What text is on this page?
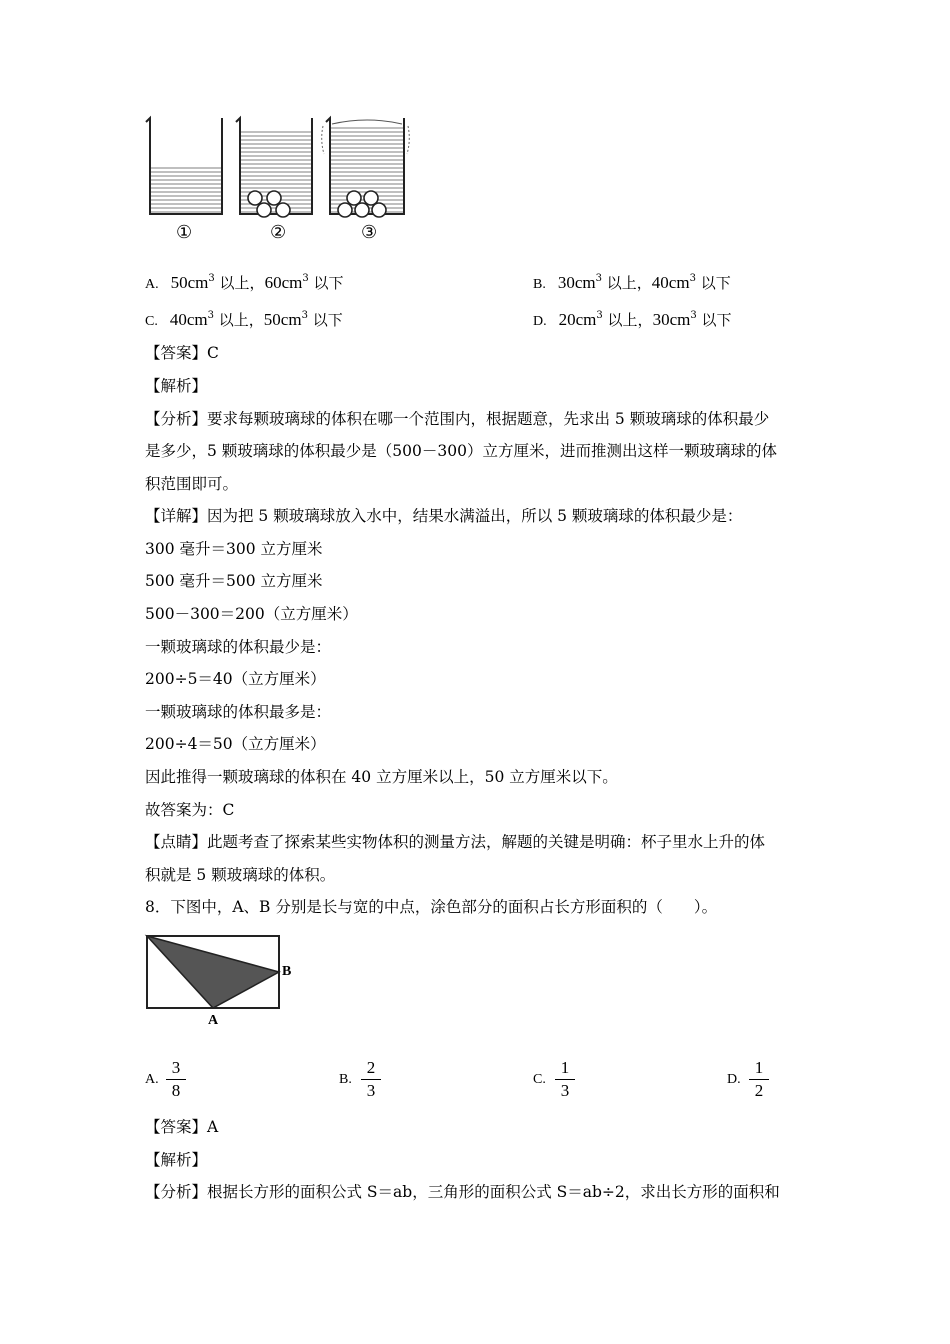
①	②	③
A. $50cm^3$ 以上，$60cm^3$ 以下	B. $30cm^3$ 以上，$40cm^3$ 以下
C. $40cm^3$ 以上，$50cm^3$ 以下	D. $20cm^3$ 以上，$30cm^3$ 以下
【答案】C
【解析】
【分析】要求每颗玻璃球的体积在哪一个范围内，根据题意，先求出 5 颗玻璃球的体积最少
是多少，5 颗玻璃球的体积最少是（500－300）立方厘米，进而推测出这样一颗玻璃球的体
积范围即可。
【详解】因为把 5 颗玻璃球放入水中，结果水满溢出，所以 5 颗玻璃球的体积最少是：
300 毫升＝300 立方厘米
500 毫升＝500 立方厘米
500－300＝200（立方厘米）
一颗玻璃球的体积最少是：
200÷5＝40（立方厘米）
一颗玻璃球的体积最多是：
200÷4＝50（立方厘米）
因此推得一颗玻璃球的体积在 40 立方厘米以上，50 立方厘米以下。
故答案为：C
【点睛】此题考查了探索某些实物体积的测量方法，解题的关键是明确：杯子里水上升的体
积就是 5 颗玻璃球的体积。
8．下图中，A、B 分别是长与宽的中点，涂色部分的面积占长方形面积的（　　）。
B
A
A. $\frac{3}{8}$	B. $\frac{2}{3}$	C. $\frac{1}{3}$	D. $\frac{1}{2}$
【答案】A
【解析】
【分析】根据长方形的面积公式 S＝ab，三角形的面积公式 S＝ab÷2，求出长方形的面积和
